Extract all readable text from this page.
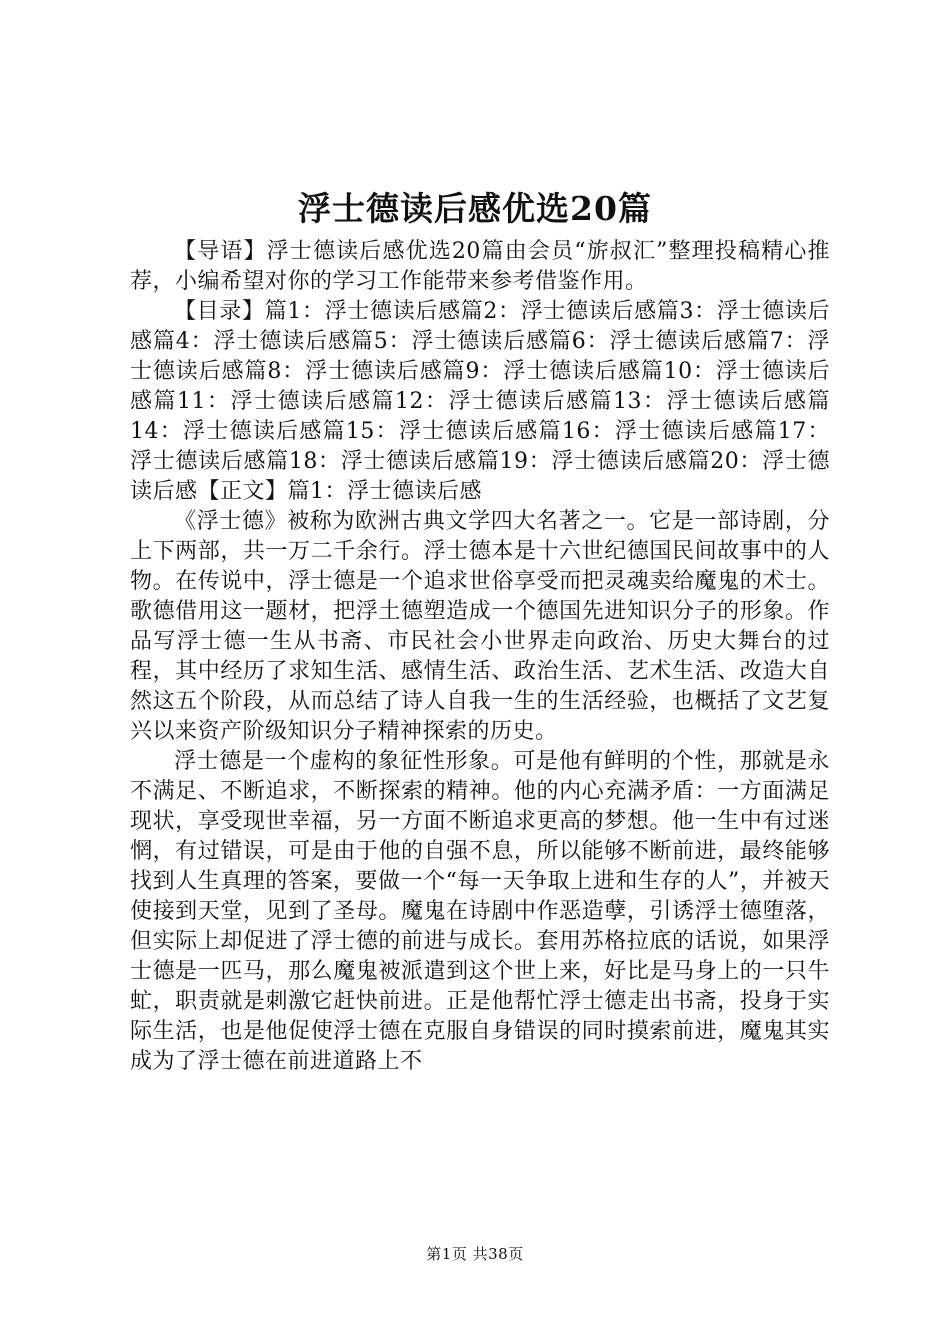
浮士德读后感优选20篇

【导语】浮士德读后感优选20篇由会员“旂叔汇”整理投稿精心推荐，小编希望对你的学习工作能带来参考借鉴作用。

【目录】篇1：浮士德读后感篇2：浮士德读后感篇3：浮士德读后感篇4：浮士德读后感篇5：浮士德读后感篇6：浮士德读后感篇7：浮士德读后感篇8：浮士德读后感篇9：浮士德读后感篇10：浮士德读后感篇11：浮士德读后感篇12：浮士德读后感篇13：浮士德读后感篇14：浮士德读后感篇15：浮士德读后感篇16：浮士德读后感篇17：浮士德读后感篇18：浮士德读后感篇19：浮士德读后感篇20：浮士德读后感【正文】篇1：浮士德读后感

《浮士德》被称为欧洲古典文学四大名著之一。它是一部诗剧，分上下两部，共一万二千余行。浮士德本是十六世纪德国民间故事中的人物。在传说中，浮士德是一个追求世俗享受而把灵魂卖给魔鬼的术士。歌德借用这一题材，把浮土德塑造成一个德国先进知识分子的形象。作品写浮士德一生从书斋、市民社会小世界走向政治、历史大舞台的过程，其中经历了求知生活、感情生活、政治生活、艺术生活、改造大自然这五个阶段，从而总结了诗人自我一生的生活经验，也概括了文艺复兴以来资产阶级知识分子精神探索的历史。

浮士德是一个虚构的象征性形象。可是他有鲜明的个性，那就是永不满足、不断追求，不断探索的精神。他的内心充满矛盾：一方面满足现状，享受现世幸福，另一方面不断追求更高的梦想。他一生中有过迷惘，有过错误，可是由于他的自强不息，所以能够不断前进，最终能够找到人生真理的答案，要做一个“每一天争取上进和生存的人”，并被天使接到天堂，见到了圣母。魔鬼在诗剧中作恶造孽，引诱浮士德堕落，但实际上却促进了浮士德的前进与成长。套用苏格拉底的话说，如果浮士德是一匹马，那么魔鬼被派遣到这个世上来，好比是马身上的一只牛虻，职责就是刺激它赶快前进。正是他帮忙浮士德走出书斋，投身于实际生活，也是他促使浮士德在克服自身错误的同时摸索前进，魔鬼其实成为了浮士德在前进道路上不

第1页 共38页
